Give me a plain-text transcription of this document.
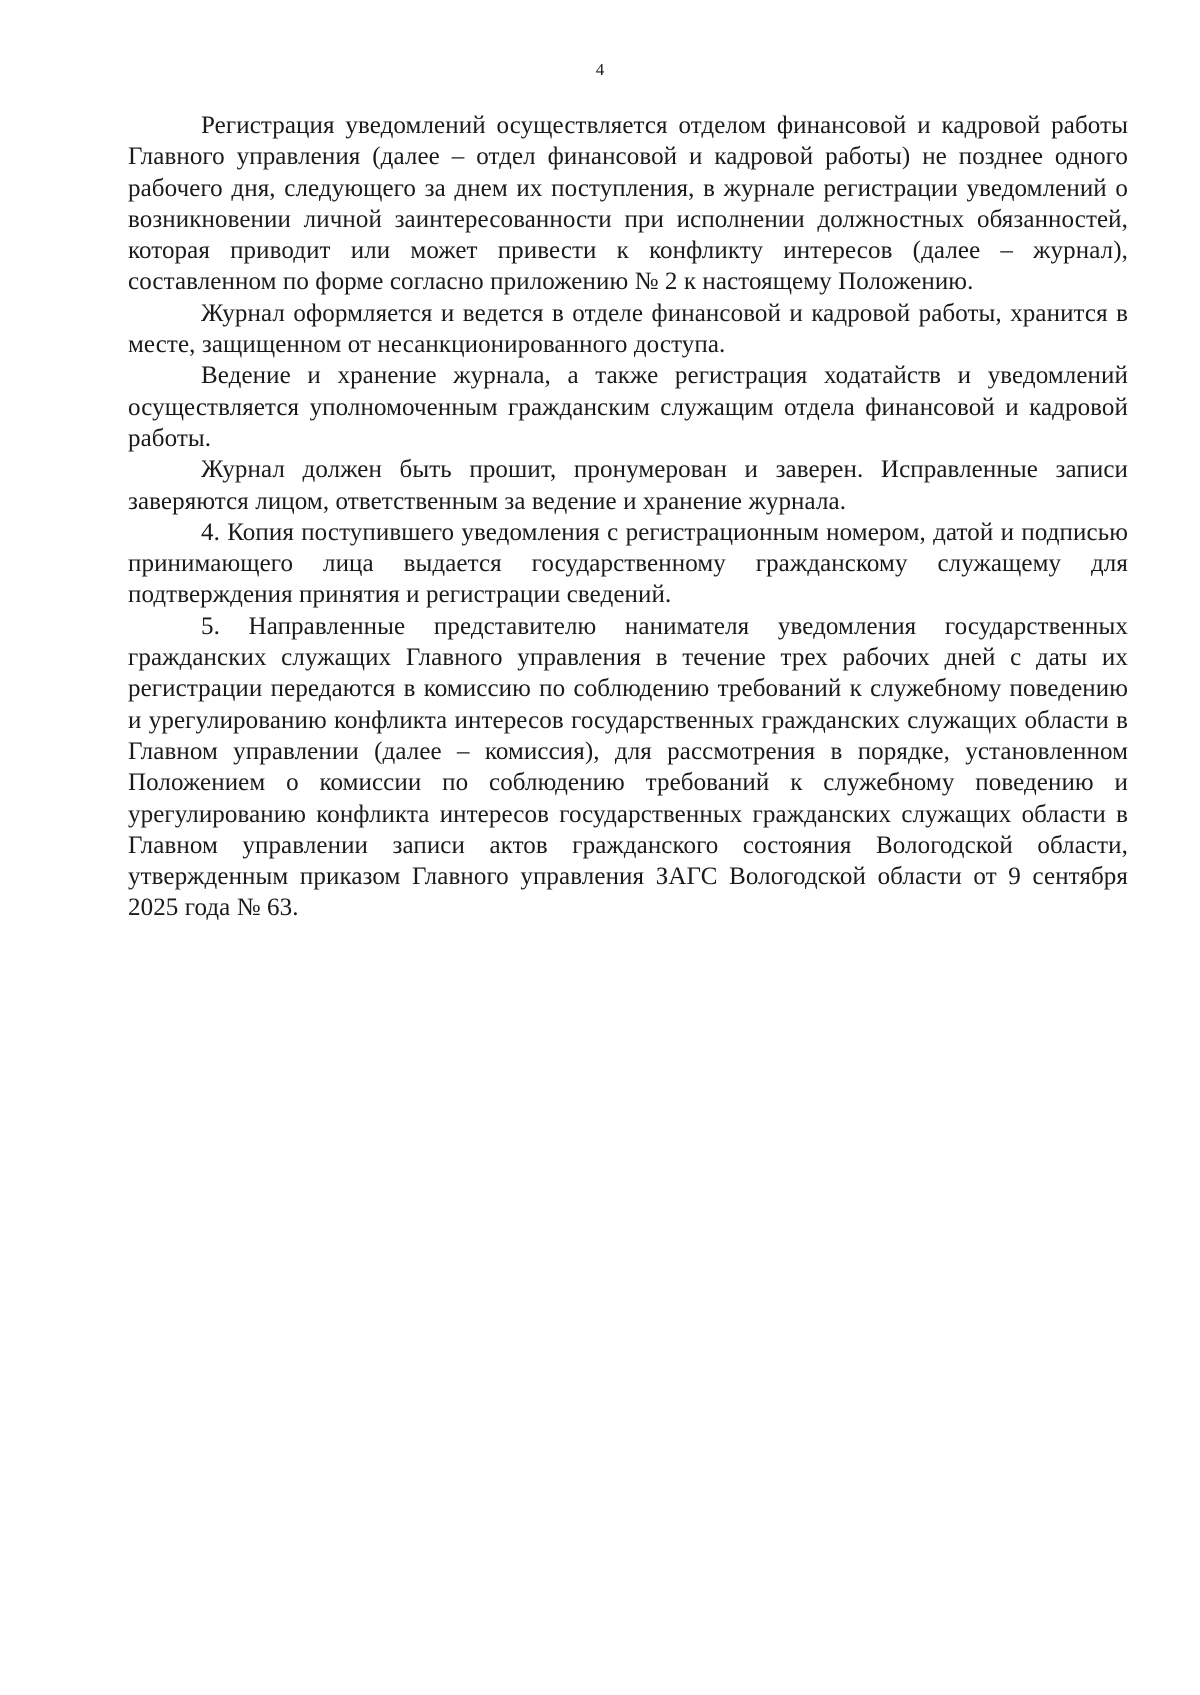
4

Регистрация уведомлений осуществляется отделом финансовой и кадровой работы Главного управления (далее – отдел финансовой и кадровой работы) не позднее одного рабочего дня, следующего за днем их поступления, в журнале регистрации уведомлений о возникновении личной заинтересованности при исполнении должностных обязанностей, которая приводит или может привести к конфликту интересов (далее – журнал), составленном по форме согласно приложению № 2 к настоящему Положению.

Журнал оформляется и ведется в отделе финансовой и кадровой работы, хранится в месте, защищенном от несанкционированного доступа.

Ведение и хранение журнала, а также регистрация ходатайств и уведомлений осуществляется уполномоченным гражданским служащим отдела финансовой и кадровой работы.

Журнал должен быть прошит, пронумерован и заверен. Исправленные записи заверяются лицом, ответственным за ведение и хранение журнала.

4. Копия поступившего уведомления с регистрационным номером, датой и подписью принимающего лица выдается государственному гражданскому служащему для подтверждения принятия и регистрации сведений.

5. Направленные представителю нанимателя уведомления государственных гражданских служащих Главного управления в течение трех рабочих дней с даты их регистрации передаются в комиссию по соблюдению требований к служебному поведению и урегулированию конфликта интересов государственных гражданских служащих области в Главном управлении (далее – комиссия), для рассмотрения в порядке, установленном Положением о комиссии по соблюдению требований к служебному поведению и урегулированию конфликта интересов государственных гражданских служащих области в Главном управлении записи актов гражданского состояния Вологодской области, утвержденным приказом Главного управления ЗАГС Вологодской области от 9 сентября 2025 года № 63.
